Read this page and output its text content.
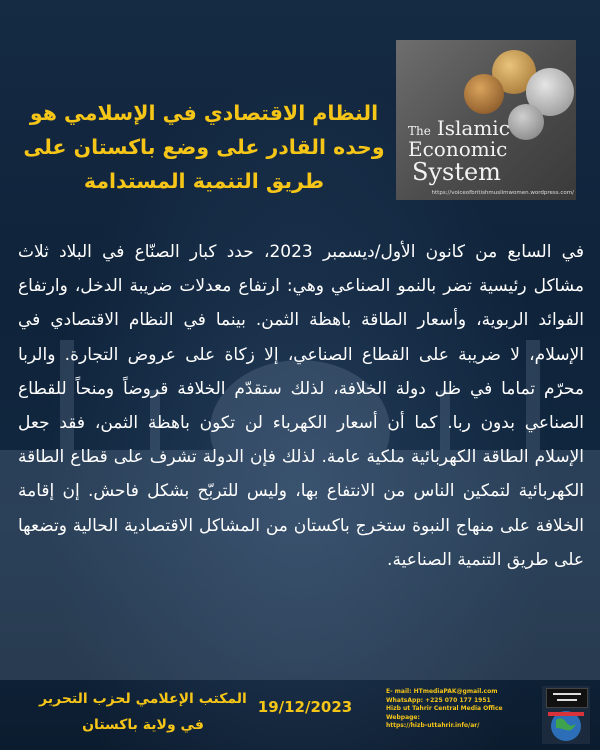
النظام الاقتصادي في الإسلامي هو
وحده القادر على وضع باكستان على
طريق التنمية المستدامة
The Islamic
Economic
System
https://voiceofbritishmuslimwomen.wordpress.com/

في السابع من كانون الأول/ديسمبر 2023، حدد كبار الصنّاع في البلاد ثلاث مشاكل رئيسية تضر بالنمو الصناعي وهي: ارتفاع معدلات ضريبة الدخل، وارتفاع الفوائد الربوية، وأسعار الطاقة باهظة الثمن. بينما في النظام الاقتصادي في الإسلام، لا ضريبة على القطاع الصناعي، إلا زكاة على عروض التجارة. والربا محرّم تماما في ظل دولة الخلافة، لذلك ستقدّم الخلافة قروضاً ومنحاً للقطاع الصناعي بدون ربا. كما أن أسعار الكهرباء لن تكون باهظة الثمن، فقد جعل الإسلام الطاقة الكهربائية ملكية عامة. لذلك فإن الدولة تشرف على قطاع الطاقة الكهربائية لتمكين الناس من الانتفاع بها، وليس للتربّح بشكل فاحش. إن إقامة الخلافة على منهاج النبوة ستخرج باكستان من المشاكل الاقتصادية الحالية وتضعها على طريق التنمية الصناعية.

المكتب الإعلامي لحزب التحرير
في ولاية باكستان
19/12/2023
E- mail: HTmediaPAK@gmail.com
WhatsApp: +225 070 177 1951
Hizb ut Tahrir Central Media Office Webpage:
https://hizb-uttahrir.info/ar/
